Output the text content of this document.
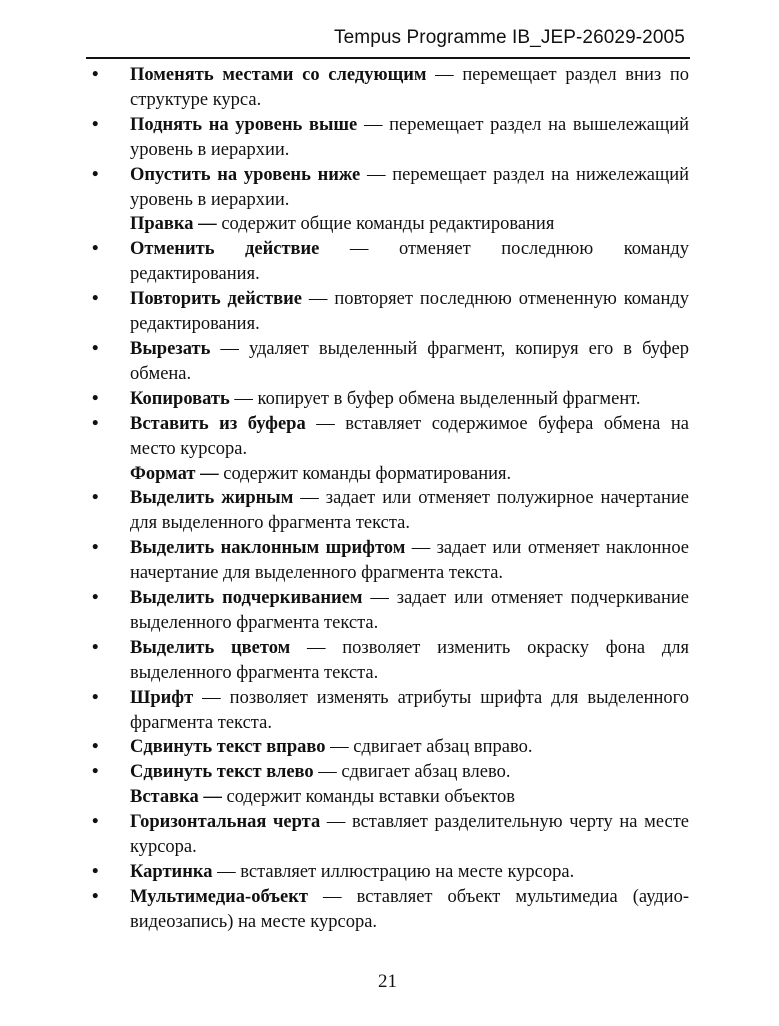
Tempus Programme IB_JEP-26029-2005
• Поменять местами со следующим — перемещает раздел вниз по структуре курса.
• Поднять на уровень выше — перемещает раздел на вышележащий уровень в иерархии.
• Опустить на уровень ниже — перемещает раздел на нижележащий уровень в иерархии.
Правка — содержит общие команды редактирования
• Отменить действие — отменяет последнюю команду редактирования.
• Повторить действие — повторяет последнюю отмененную команду редактирования.
• Вырезать — удаляет выделенный фрагмент, копируя его в буфер обмена.
• Копировать — копирует в буфер обмена выделенный фрагмент.
• Вставить из буфера — вставляет содержимое буфера обмена на место курсора.
Формат — содержит команды форматирования.
• Выделить жирным — задает или отменяет полужирное начертание для выделенного фрагмента текста.
• Выделить наклонным шрифтом — задает или отменяет наклонное начертание для выделенного фрагмента текста.
• Выделить подчеркиванием — задает или отменяет подчеркивание выделенного фрагмента текста.
• Выделить цветом — позволяет изменить окраску фона для выделенного фрагмента текста.
• Шрифт — позволяет изменять атрибуты шрифта для выделенного фрагмента текста.
• Сдвинуть текст вправо — сдвигает абзац вправо.
• Сдвинуть текст влево — сдвигает абзац влево.
Вставка — содержит команды вставки объектов
• Горизонтальная черта — вставляет разделительную черту на месте курсора.
• Картинка — вставляет иллюстрацию на месте курсора.
• Мультимедиа-объект — вставляет объект мультимедиа (аудио- видеозапись) на месте курсора.
21
